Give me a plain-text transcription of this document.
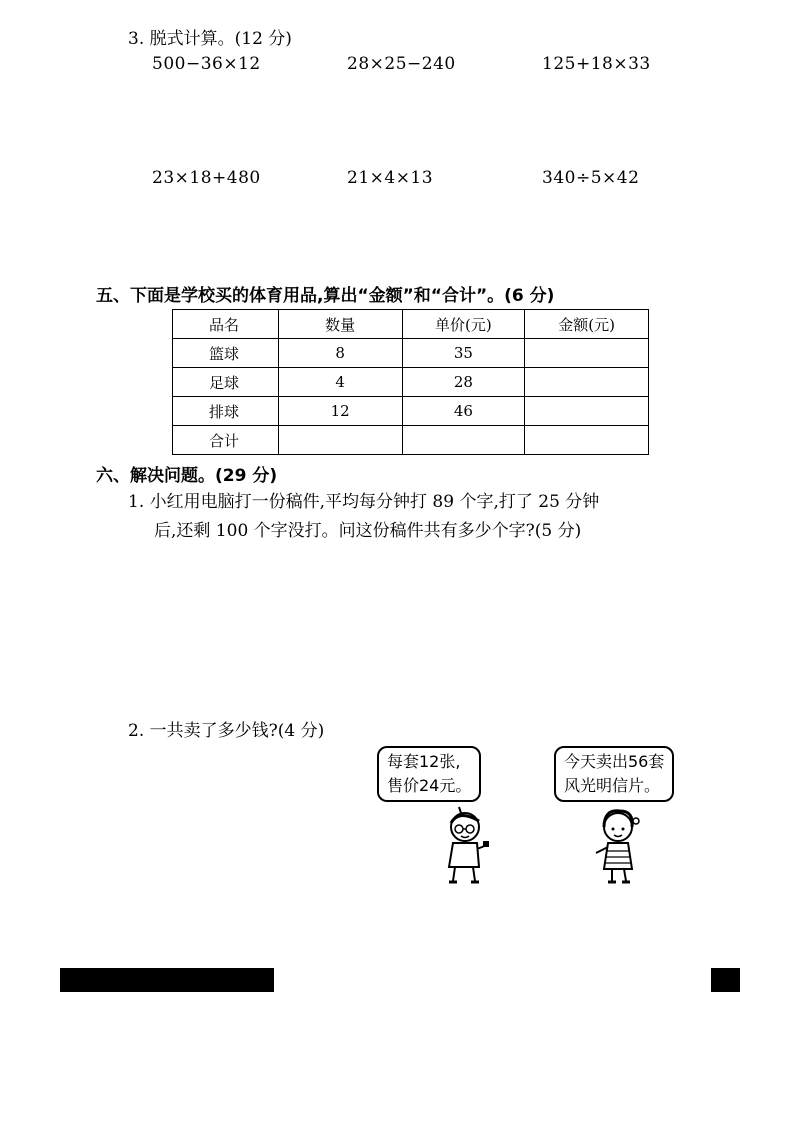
3. 脱式计算。(12 分)
500−36×12	28×25−240	125+18×33
23×18+480	21×4×13	340÷5×42
五、下面是学校买的体育用品,算出“金额”和“合计”。(6 分)
品名	数量	单价(元)	金额(元)
篮球	8	35	
足球	4	28	
排球	12	46	
合计			
六、解决问题。(29 分)
1. 小红用电脑打一份稿件,平均每分钟打 89 个字,打了 25 分钟
后,还剩 100 个字没打。问这份稿件共有多少个字?(5 分)
2. 一共卖了多少钱?(4 分)
每套12张,
售价24元。
今天卖出56套
风光明信片。
